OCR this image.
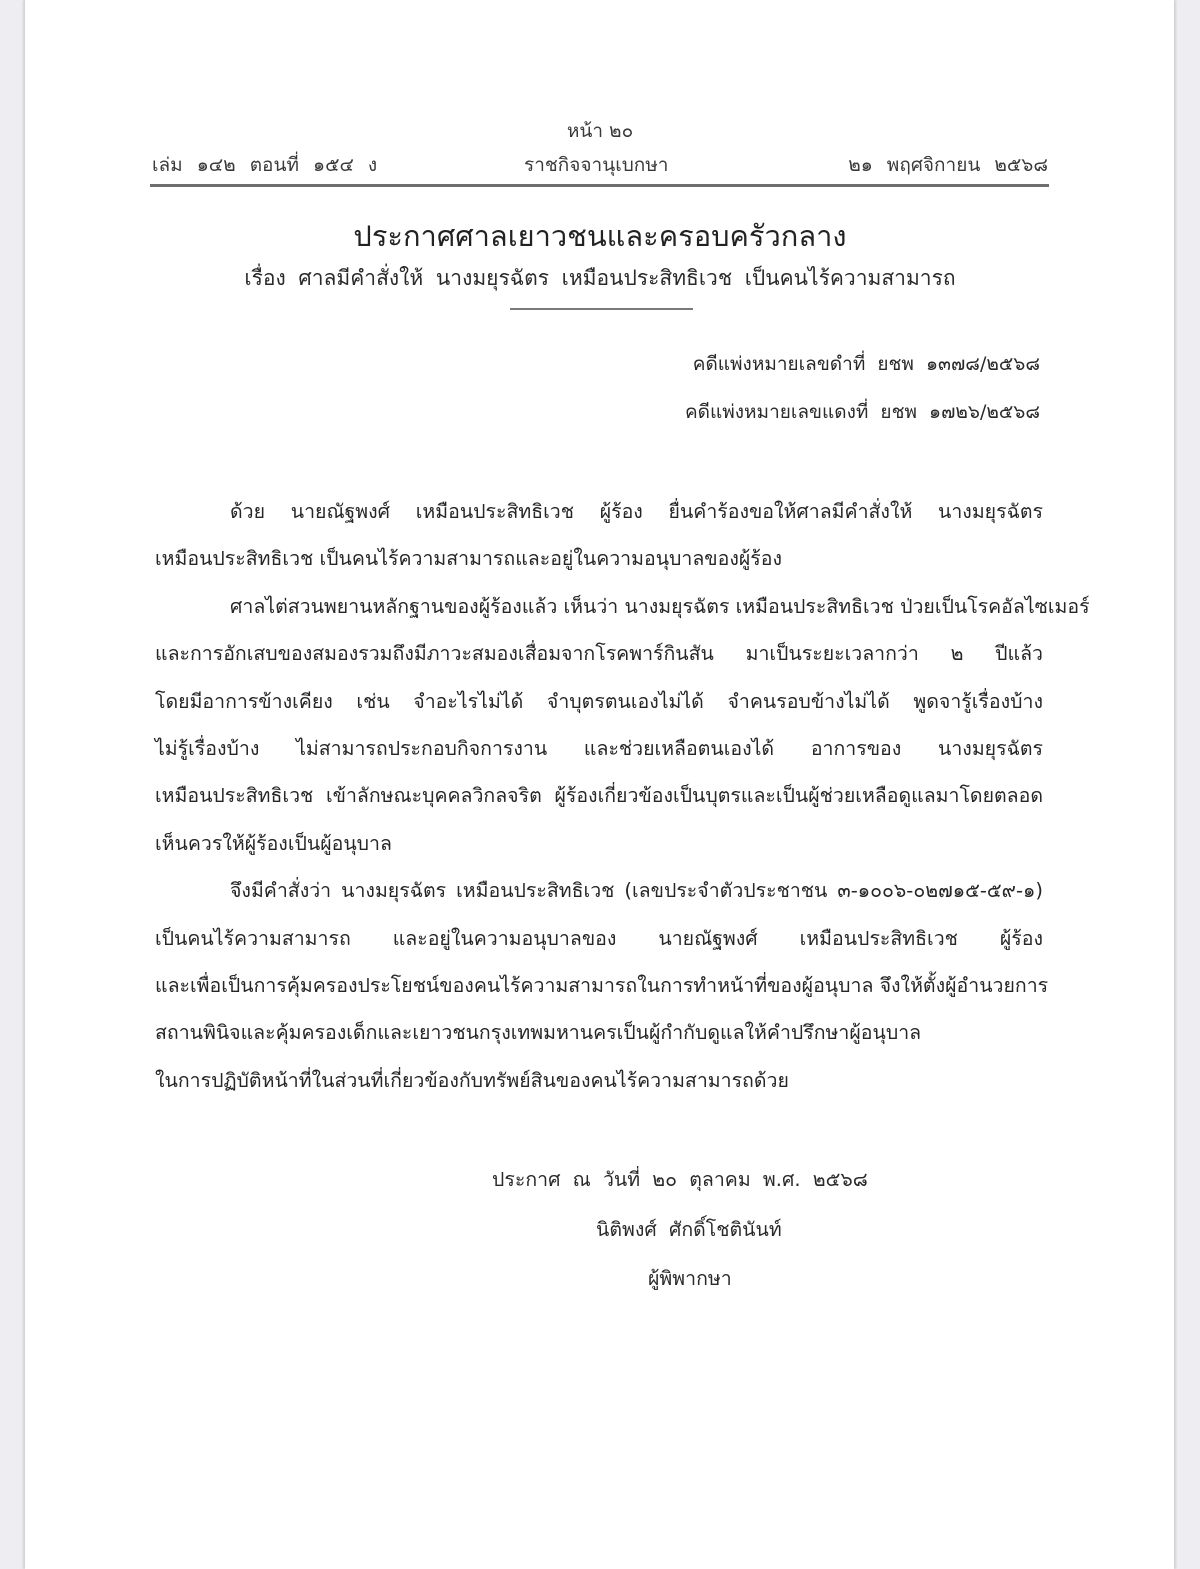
หน้า ๒๐
เล่ม ๑๔๒ ตอนที่ ๑๕๔ ง	ราชกิจจานุเบกษา	๒๑ พฤศจิกายน ๒๕๖๘
ประกาศศาลเยาวชนและครอบครัวกลาง
เรื่อง ศาลมีคำสั่งให้ นางมยุรฉัตร เหมือนประสิทธิเวช เป็นคนไร้ความสามารถ
คดีแพ่งหมายเลขดำที่ ยชพ ๑๓๗๘/๒๕๖๘
คดีแพ่งหมายเลขแดงที่ ยชพ ๑๗๒๖/๒๕๖๘

ด้วย นายณัฐพงศ์ เหมือนประสิทธิเวช ผู้ร้อง ยื่นคำร้องขอให้ศาลมีคำสั่งให้ นางมยุรฉัตร
เหมือนประสิทธิเวช เป็นคนไร้ความสามารถและอยู่ในความอนุบาลของผู้ร้อง

ศาลไต่สวนพยานหลักฐานของผู้ร้องแล้ว เห็นว่า นางมยุรฉัตร เหมือนประสิทธิเวช ป่วยเป็นโรคอัลไซเมอร์
และการอักเสบของสมองรวมถึงมีภาวะสมองเสื่อมจากโรคพาร์กินสัน มาเป็นระยะเวลากว่า ๒ ปีแล้ว
โดยมีอาการข้างเคียง เช่น จำอะไรไม่ได้ จำบุตรตนเองไม่ได้ จำคนรอบข้างไม่ได้ พูดจารู้เรื่องบ้าง
ไม่รู้เรื่องบ้าง ไม่สามารถประกอบกิจการงาน และช่วยเหลือตนเองได้ อาการของ นางมยุรฉัตร
เหมือนประสิทธิเวช เข้าลักษณะบุคคลวิกลจริต ผู้ร้องเกี่ยวข้องเป็นบุตรและเป็นผู้ช่วยเหลือดูแลมาโดยตลอด
เห็นควรให้ผู้ร้องเป็นผู้อนุบาล

จึงมีคำสั่งว่า นางมยุรฉัตร เหมือนประสิทธิเวช (เลขประจำตัวประชาชน ๓-๑๐๐๖-๐๒๗๑๕-๕๙-๑)
เป็นคนไร้ความสามารถ และอยู่ในความอนุบาลของ นายณัฐพงศ์ เหมือนประสิทธิเวช ผู้ร้อง
และเพื่อเป็นการคุ้มครองประโยชน์ของคนไร้ความสามารถในการทำหน้าที่ของผู้อนุบาล จึงให้ตั้งผู้อำนวยการ
สถานพินิจและคุ้มครองเด็กและเยาวชนกรุงเทพมหานครเป็นผู้กำกับดูแลให้คำปรึกษาผู้อนุบาล
ในการปฏิบัติหน้าที่ในส่วนที่เกี่ยวข้องกับทรัพย์สินของคนไร้ความสามารถด้วย

ประกาศ ณ วันที่ ๒๐ ตุลาคม พ.ศ. ๒๕๖๘
นิติพงศ์ ศักดิ์โชตินันท์
ผู้พิพากษา
